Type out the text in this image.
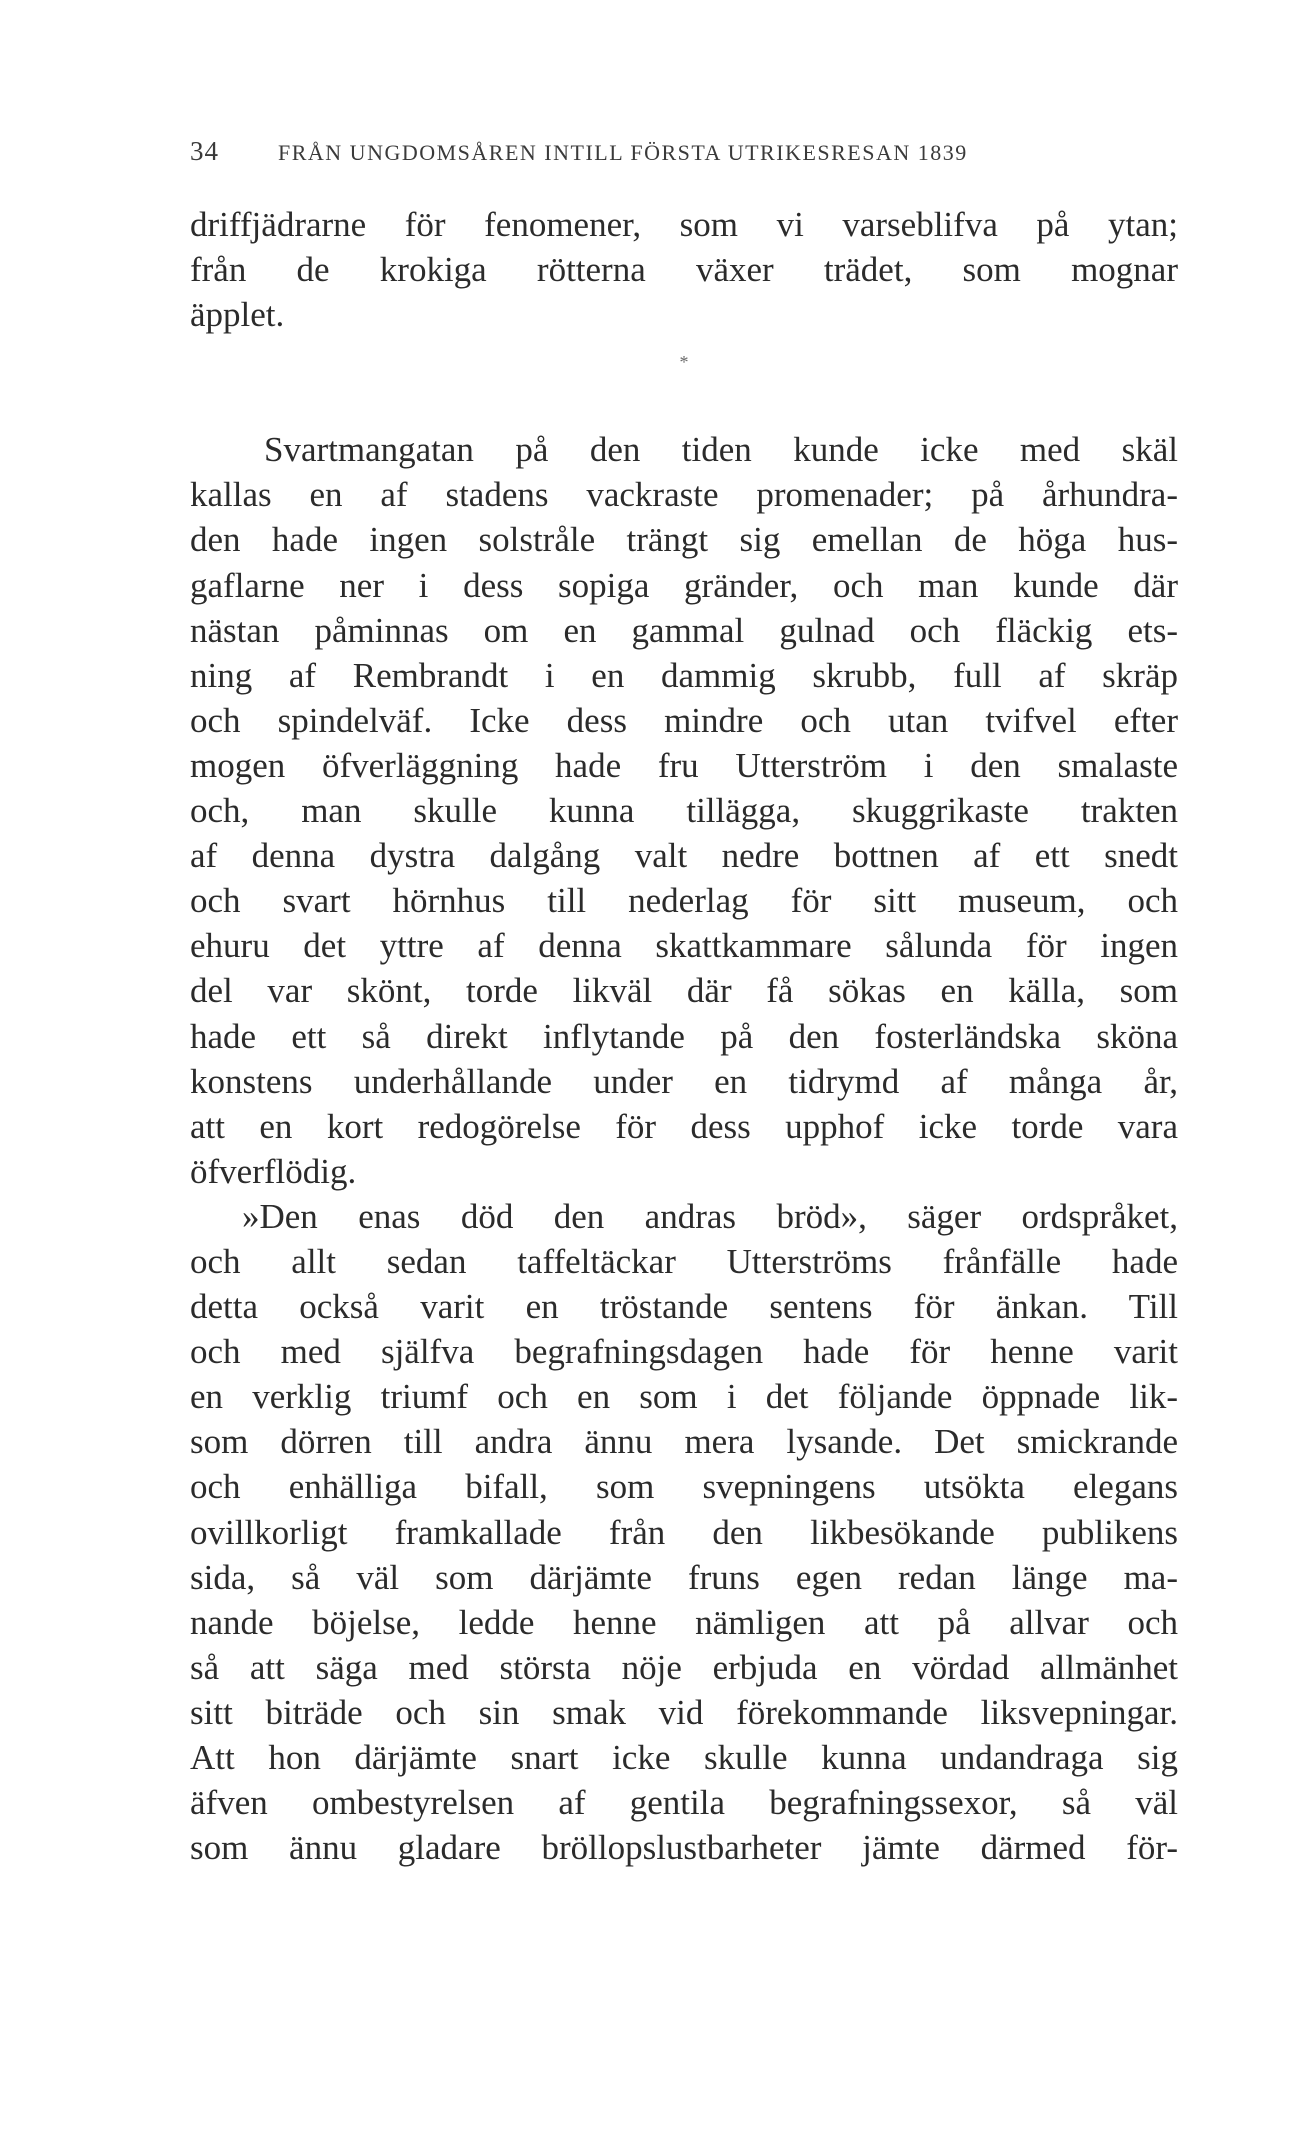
34	FRÅN UNGDOMSÅREN INTILL FÖRSTA UTRIKESRESAN 1839
driffjädrarne för fenomener, som vi varseblifva på ytan;
från de krokiga rötterna växer trädet, som mognar
äpplet.
*
Svartmangatan på den tiden kunde icke med skäl
kallas en af stadens vackraste promenader; på århundra-
den hade ingen solstråle trängt sig emellan de höga hus-
gaflarne ner i dess sopiga gränder, och man kunde där
nästan påminnas om en gammal gulnad och fläckig ets-
ning af Rembrandt i en dammig skrubb, full af skräp
och spindelväf. Icke dess mindre och utan tvifvel efter
mogen öfverläggning hade fru Utterström i den smalaste
och, man skulle kunna tillägga, skuggrikaste trakten
af denna dystra dalgång valt nedre bottnen af ett snedt
och svart hörnhus till nederlag för sitt museum, och
ehuru det yttre af denna skattkammare sålunda för ingen
del var skönt, torde likväl där få sökas en källa, som
hade ett så direkt inflytande på den fosterländska sköna
konstens underhållande under en tidrymd af många år,
att en kort redogörelse för dess upphof icke torde vara
öfverflödig.
»Den enas död den andras bröd», säger ordspråket,
och allt sedan taffeltäckar Utterströms frånfälle hade
detta också varit en tröstande sentens för änkan. Till
och med själfva begrafningsdagen hade för henne varit
en verklig triumf och en som i det följande öppnade lik-
som dörren till andra ännu mera lysande. Det smickrande
och enhälliga bifall, som svepningens utsökta elegans
ovillkorligt framkallade från den likbesökande publikens
sida, så väl som därjämte fruns egen redan länge ma-
nande böjelse, ledde henne nämligen att på allvar och
så att säga med största nöje erbjuda en vördad allmänhet
sitt biträde och sin smak vid förekommande liksvepningar.
Att hon därjämte snart icke skulle kunna undandraga sig
äfven ombestyrelsen af gentila begrafningssexor, så väl
som ännu gladare bröllopslustbarheter jämte därmed för-
